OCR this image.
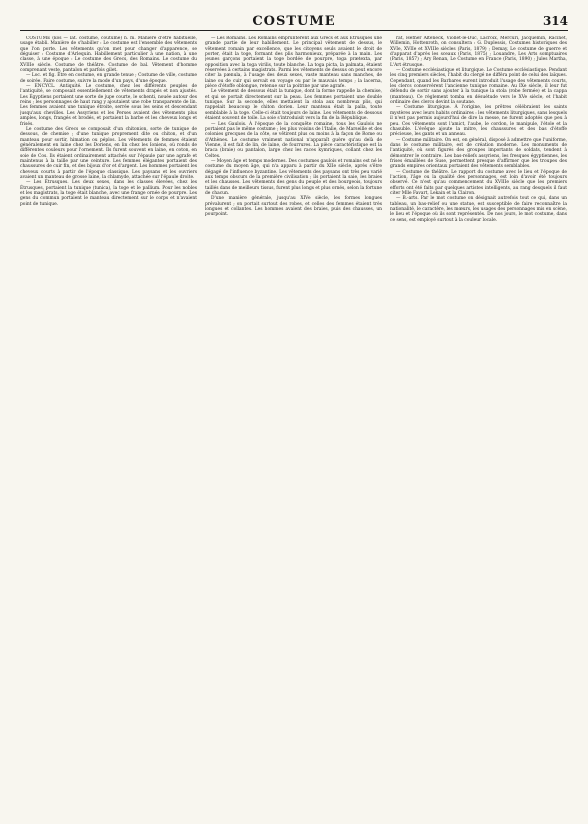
COSTUME	314

COSTUME (kos — lat. costume, coutume) n. m. Manière d'être habituelle, usage établi. Manière de s'habiller : Le costume est l'ensemble des vêtements que l'on porte. Les vêtements qu'on met pour changer d'apparence, se déguiser : Costume d'Arlequin. Habillement particulier à une nation, à une classe, à une époque : Le costume des Grecs, des Romains. Le costume du XVIIIe siècle. Costume de théâtre. Costume de bal. Vêtement d'homme comprenant veste, pantalon et parfois gilet.

— Loc. et fig. Être en costume, en grande tenue ; Costume de ville, costume de soirée. Faire costume, suivre la mode d'un pays, d'une époque.

— ENCYCL. Antiquité. Le costume, chez les différents peuples de l'antiquité, se composait essentiellement de vêtements drapés et non ajustés. Les Égyptiens portaient une sorte de jupe courte, le schenti, nouée autour des reins ; les personnages de haut rang y ajoutaient une robe transparente de lin. Les femmes avaient une tunique étroite, serrée sous les seins et descendant jusqu'aux chevilles. Les Assyriens et les Perses avaient des vêtements plus amples, longs, frangés et brodés, et portaient la barbe et les cheveux longs et frisés.

Le costume des Grecs se composait d'un chitonion, sorte de tunique de dessous, de chemise ; d'une tunique proprement dite ou chiton, et d'un manteau pour sortir, himation ou péplos. Les vêtements de femmes étaient généralement en laine chez les Doriens, en lin chez les Ioniens, où ronds de différentes couleurs pour l'ornement. Ils furent souvent en laine, en coton, en soie de Cos. Ils étaient ordinairement attachés sur l'épaule par une agrafe et maintenus à la taille par une ceinture. Les femmes élégantes portaient des chaussures de cuir fin, et des bijoux d'or et d'argent. Les hommes portaient les cheveux courts à partir de l'époque classique. Les paysans et les ouvriers avaient un manteau de grosse laine, la chlamyde, attachée sur l'épaule droite.

— Les Étrusques. Les deux sexes, dans les classes élevées, chez les Étrusques, portaient la tunique (tunica), la toge et le pallium. Pour les nobles et les magistrats, la toge était blanche, avec une frange ornée de pourpre. Les gens du commun portaient le manteau directement sur le corps et n'avaient point de tunique.

— Les Romains. Les Romains empruntèrent aux Grecs et aux Étrusques une grande partie de leur habillement. Le principal vêtement de dessus, le vêtement romain par excellence, que les citoyens seuls avaient le droit de porter, était la toge, formant des plis harmonieux, préparée à la main. Les jeunes garçons portaient la toge bordée de pourpre, toga prætexta, par opposition avec la toga virilis, toute blanche. La toga picta, la palmata, étaient réservées à certains magistrats. Parmi les vêtements de dessus on peut encore citer la pænula, à l'usage des deux sexes, vaste manteau sans manches, de laine ou de cuir qui servait en voyage ou par le mauvais temps ; la lacerna, pièce d'étoffe oblongue, retenue sur la poitrine par une agrafe.

Le vêtement de dessous était la tunique, dont la forme rappelle la chemise, et qui se portait directement sur la peau. Les femmes portaient une double tunique. Sur la seconde, elles mettaient la stola aux nombreux plis, qui rappelait beaucoup le chiton dorien. Leur manteau était la palla, toute semblable à la toge. Celle-ci était toujours de laine. Les vêtements de dessous étaient souvent de toile. La soie s'introduisit vers la fin de la République.

— Les Gaulois. À l'époque de la conquête romaine, tous les Gaulois ne portaient pas le même costume ; les plus voisins de l'Italie, de Marseille et des colonies grecques de la côte, se vêtirent plus ou moins à la façon de Rome ou d'Athènes. Le costume vraiment national n'apparaît guère qu'au delà de Vienne, il est fait de lin, de laine, de fourrures. La pièce caractéristique est la braca (braie) ou pantalon, large chez les races kymriques, collant chez les Celtes.

— Moyen âge et temps modernes. Des costumes gaulois et romains est né le costume du moyen âge, qui n'a apparu à partir du XIIe siècle, après s'être dégagé de l'influence byzantine. Les vêtements des paysans ont très peu varié aux temps obscurs de la première civilisation ; ils portaient la saie, les braies et les chausses. Les vêtements des gens du peuple et des bourgeois, toujours taillés dans de meilleurs tissus, furent plus longs et plus ornés, selon la fortune de chacun.

D'une manière générale, jusqu'au XIVe siècle, les formes longues prévalurent ; on portait surtout des robes, et celles des femmes étaient très longues et collantes. Les hommes avaient des braies, puis des chausses, un pourpoint.

rat, Hefner Alteneck, Viollet-le-Duc, Lacroix, Mercuri, Jacquemin, Racinet, Willemin, Hottenroth, on consultera : G. Duplessis, Costumes historiques des XVIe, XVIIe et XVIIIe siècles (Paris, 1879) ; Demay, Le costume de guerre et d'apparat d'après les sceaux (Paris, 1875) ; Louandre, Les Arts somptuaires (Paris, 1857) ; Ary Renan, Le Costume en France (Paris, 1890) ; Jules Martha, L'Art étrusque.

— Costume ecclésiastique et liturgique. Le Costume ecclésiastique. Pendant les cinq premiers siècles, l'habit du clergé ne différa point de celui des laïques. Cependant, quand les Barbares eurent introduit l'usage des vêtements courts, les clercs conservèrent l'ancienne tunique romaine. Au IXe siècle, il leur fut défendu de sortir sans ajouter à la tunique la stola (robe fermée) et la cappa (manteau). Ce règlement tomba en désuétude vers le XVe siècle, et l'habit ordinaire des clercs devint la soutane.

— Costume liturgique. À l'origine, les prêtres célébraient les saints mystères avec leurs habits ordinaires : les vêtements liturgiques, sans lesquels il n'est pas permis aujourd'hui de dire la messe, ne furent adoptés que peu à peu. Ces vêtements sont l'amict, l'aube, le cordon, le manipule, l'étole et la chasuble. L'évêque ajoute la mitre, les chaussures et des bas d'étoffe précieuse, les gants et un anneau.

— Costume militaire. On est, en général, disposé à admettre que l'uniforme, dans le costume militaire, est de création moderne. Les monuments de l'antiquité, où sont figurés des groupes importants de soldats, tendent à démontrer le contraire. Les bas-reliefs assyriens, les fresques égyptiennes, les frises émaillées de Suse, permettent presque d'affirmer que les troupes des grands empires orientaux portaient des vêtements semblables.

— Costume de théâtre. Le rapport du costume avec le lieu et l'époque de l'action, l'âge ou la qualité des personnages, est loin d'avoir été toujours observé. Ce n'est qu'au commencement du XVIIIe siècle que les premiers efforts ont été faits par quelques artistes intelligents, au rang desquels il faut citer Mlle Favart, Lekain et la Clairon.

— B.-arts. Par le mot costume on désignait autrefois tout ce qui, dans un tableau, un bas-relief ou une statue, est susceptible de faire reconnaître la nationalité, le caractère, les mœurs, les usages des personnages mis en scène, le lieu et l'époque où ils sont représentés. De nos jours, le mot costume, dans ce sens, est employé surtout à la couleur locale.
